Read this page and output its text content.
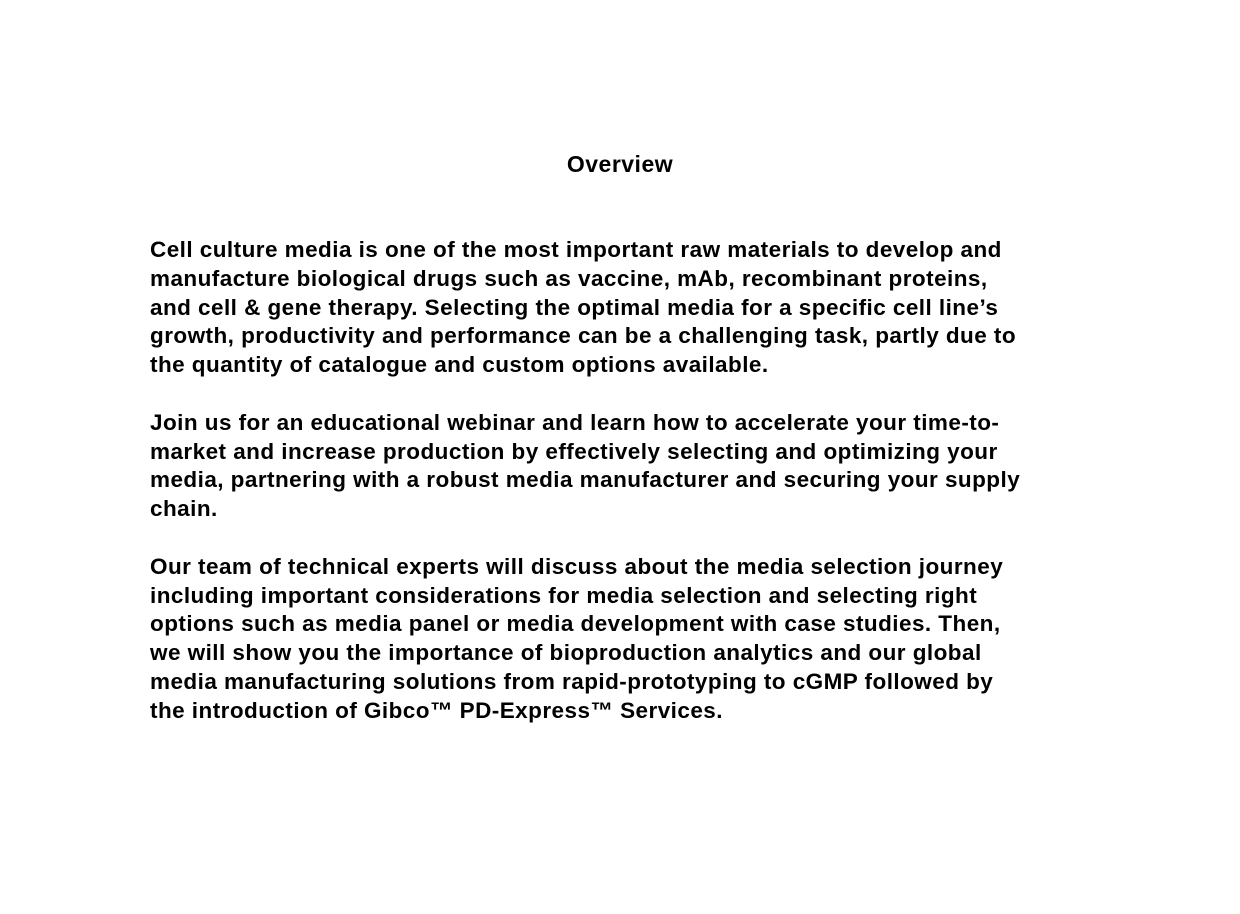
Overview

Cell culture media is one of the most important raw materials to develop and
manufacture biological drugs such as vaccine, mAb, recombinant proteins,
and cell & gene therapy. Selecting the optimal media for a specific cell line’s
growth, productivity and performance can be a challenging task, partly due to
the quantity of catalogue and custom options available.

Join us for an educational webinar and learn how to accelerate your time-to-
market and increase production by effectively selecting and optimizing your
media, partnering with a robust media manufacturer and securing your supply
chain.

Our team of technical experts will discuss about the media selection journey
including important considerations for media selection and selecting right
options such as media panel or media development with case studies. Then,
we will show you the importance of bioproduction analytics and our global
media manufacturing solutions from rapid-prototyping to cGMP followed by
the introduction of Gibco™ PD-Express™ Services.
